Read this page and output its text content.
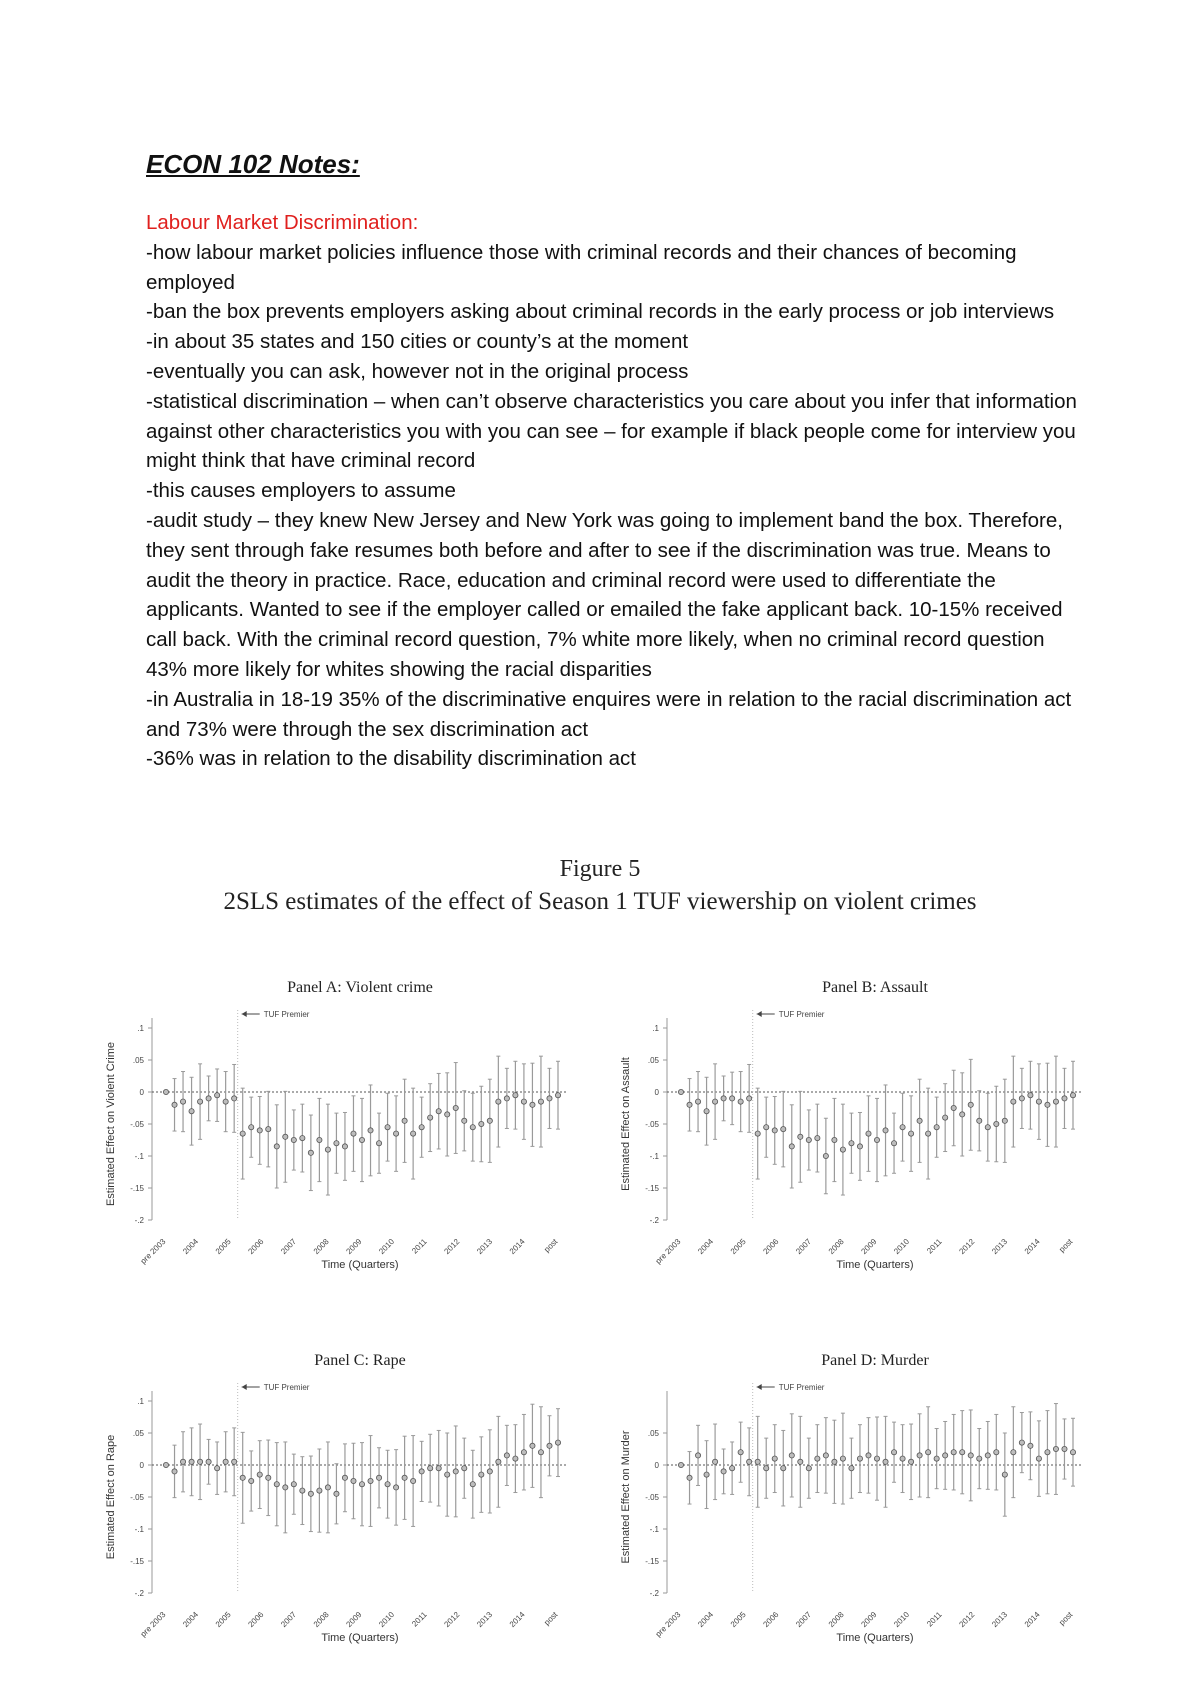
ECON 102 Notes:

Labour Market Discrimination:

-how labour market policies influence those with criminal records and their chances of becoming employed

-ban the box prevents employers asking about criminal records in the early process or job interviews

-in about 35 states and 150 cities or county’s at the moment

-eventually you can ask, however not in the original process

-statistical discrimination – when can’t observe characteristics you care about you infer that information against other characteristics you with you can see – for example if black people come for interview you might think that have criminal record

-this causes employers to assume

-audit study – they knew New Jersey and New York was going to implement band the box. Therefore, they sent through fake resumes both before and after to see if the discrimination was true. Means to audit the theory in practice. Race, education and criminal record were used to differentiate the applicants. Wanted to see if the employer called or emailed the fake applicant back. 10-15% received call back. With the criminal record question, 7% white more likely, when no criminal record question 43% more likely for whites showing the racial disparities

-in Australia in 18-19 35% of the discriminative enquires were in relation to the racial discrimination act and 73% were through the sex discrimination act

-36% was in relation to the disability discrimination act

Figure 5
2SLS estimates of the effect of Season 1 TUF viewership on violent crimes
Panel A: Violent crime
.1
.05
0
-.05
-.1
-.15
-.2
TUF Premier
pre 2003 2004 2005 2006 2007 2008 2009 2010 2011 2012 2013 2014 post
Time (Quarters)
Estimated Effect on Violent Crime
Panel B: Assault
.1
.05
0
-.05
-.1
-.15
-.2
TUF Premier
pre 2003 2004 2005 2006 2007 2008 2009 2010 2011 2012 2013 2014 post
Time (Quarters)
Estimated Effect on Assault
Panel C: Rape
.1
.05
0
-.05
-.1
-.15
-.2
TUF Premier
pre 2003 2004 2005 2006 2007 2008 2009 2010 2011 2012 2013 2014 post
Time (Quarters)
Estimated Effect on Rape
Panel D: Murder
.05
0
-.05
-.1
-.15
-.2
TUF Premier
pre 2003 2004 2005 2006 2007 2008 2009 2010 2011 2012 2013 2014 post
Time (Quarters)
Estimated Effect on Murder
